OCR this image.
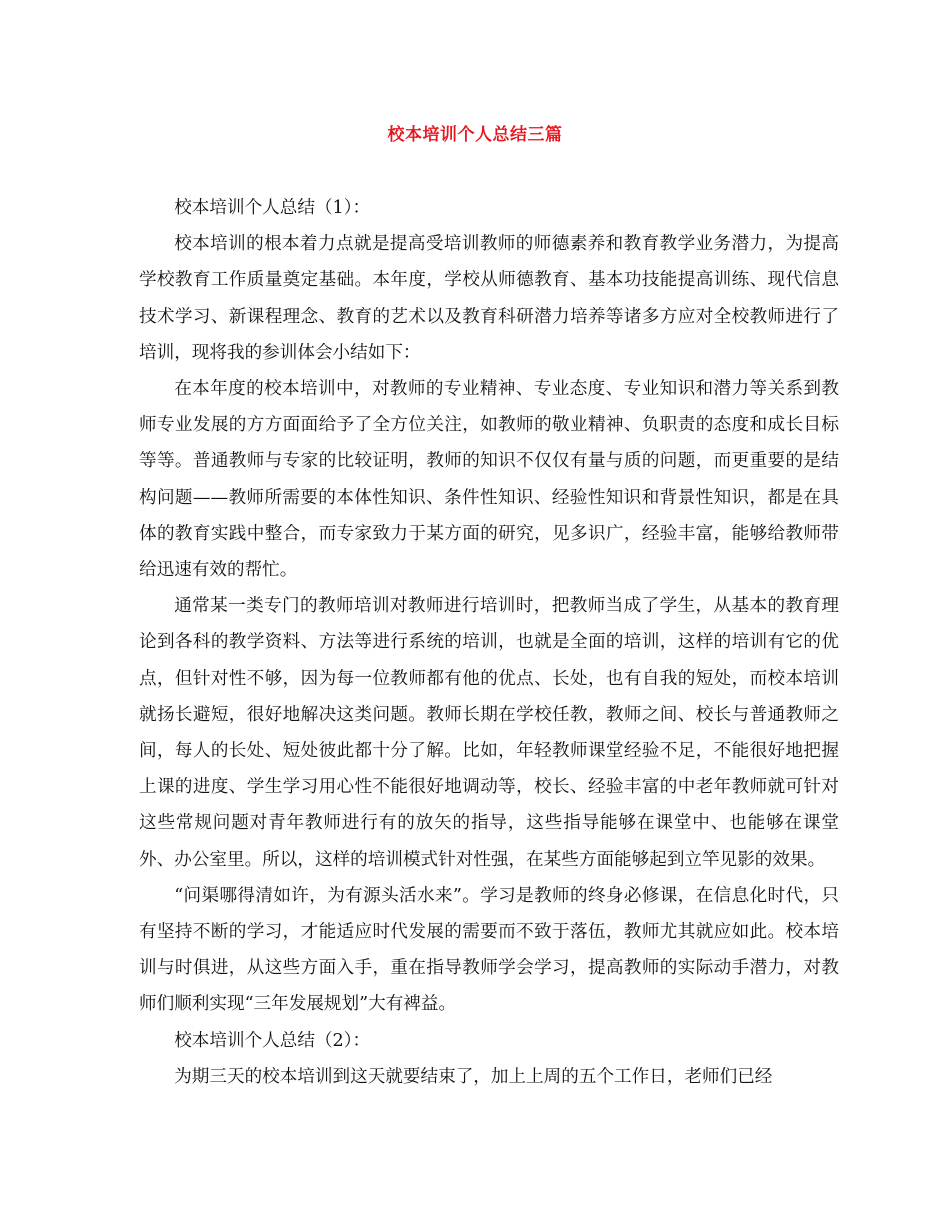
校本培训个人总结三篇

校本培训个人总结（1）：

校本培训的根本着力点就是提高受培训教师的师德素养和教育教学业务潜力，为提高学校教育工作质量奠定基础。本年度，学校从师德教育、基本功技能提高训练、现代信息技术学习、新课程理念、教育的艺术以及教育科研潜力培养等诸多方应对全校教师进行了培训，现将我的参训体会小结如下：

在本年度的校本培训中，对教师的专业精神、专业态度、专业知识和潜力等关系到教师专业发展的方方面面给予了全方位关注，如教师的敬业精神、负职责的态度和成长目标等等。普通教师与专家的比较证明，教师的知识不仅仅有量与质的问题，而更重要的是结构问题——教师所需要的本体性知识、条件性知识、经验性知识和背景性知识，都是在具体的教育实践中整合，而专家致力于某方面的研究，见多识广，经验丰富，能够给教师带给迅速有效的帮忙。

通常某一类专门的教师培训对教师进行培训时，把教师当成了学生，从基本的教育理论到各科的教学资料、方法等进行系统的培训，也就是全面的培训，这样的培训有它的优点，但针对性不够，因为每一位教师都有他的优点、长处，也有自我的短处，而校本培训就扬长避短，很好地解决这类问题。教师长期在学校任教，教师之间、校长与普通教师之间，每人的长处、短处彼此都十分了解。比如，年轻教师课堂经验不足，不能很好地把握上课的进度、学生学习用心性不能很好地调动等，校长、经验丰富的中老年教师就可针对这些常规问题对青年教师进行有的放矢的指导，这些指导能够在课堂中、也能够在课堂外、办公室里。所以，这样的培训模式针对性强，在某些方面能够起到立竿见影的效果。

“问渠哪得清如许，为有源头活水来”。学习是教师的终身必修课，在信息化时代，只有坚持不断的学习，才能适应时代发展的需要而不致于落伍，教师尤其就应如此。校本培训与时俱进，从这些方面入手，重在指导教师学会学习，提高教师的实际动手潜力，对教师们顺利实现“三年发展规划”大有裨益。

校本培训个人总结（2）：

为期三天的校本培训到这天就要结束了，加上上周的五个工作日，老师们已经
